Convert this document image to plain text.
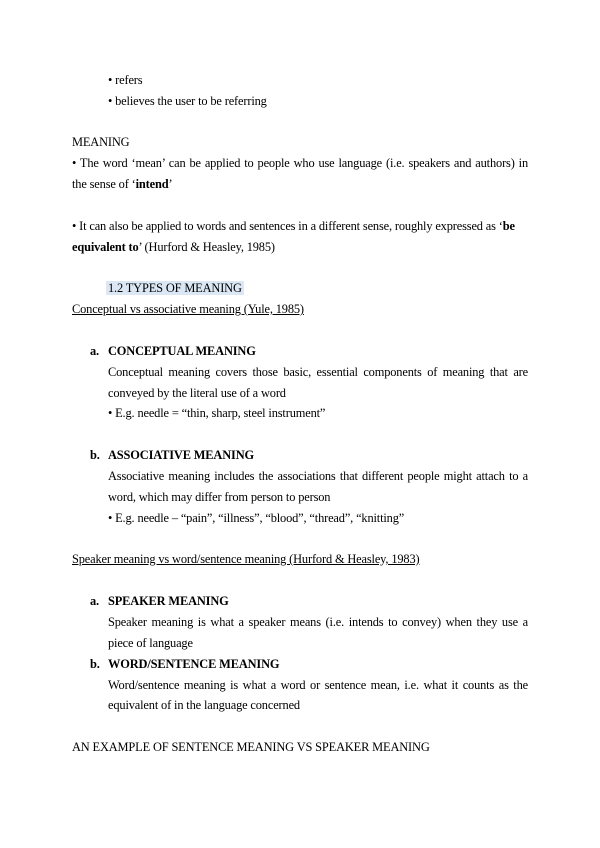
• refers
• believes the user to be referring
MEANING
• The word ‘mean’ can be applied to people who use language (i.e. speakers and authors) in
the sense of ‘intend’
• It can also be applied to words and sentences in a different sense, roughly expressed as ‘be
equivalent to’ (Hurford & Heasley, 1985)
1.2 TYPES OF MEANING
Conceptual vs associative meaning (Yule, 1985)
a. CONCEPTUAL MEANING
Conceptual meaning covers those basic, essential components of meaning that are
conveyed by the literal use of a word
• E.g. needle = “thin, sharp, steel instrument”
b. ASSOCIATIVE MEANING
Associative meaning includes the associations that different people might attach to a
word, which may differ from person to person
• E.g. needle – “pain”, “illness”, “blood”, “thread”, “knitting”
Speaker meaning vs word/sentence meaning (Hurford & Heasley, 1983)
a. SPEAKER MEANING
Speaker meaning is what a speaker means (i.e. intends to convey) when they use a
piece of language
b. WORD/SENTENCE MEANING
Word/sentence meaning is what a word or sentence mean, i.e. what it counts as the
equivalent of in the language concerned
AN EXAMPLE OF SENTENCE MEANING VS SPEAKER MEANING
